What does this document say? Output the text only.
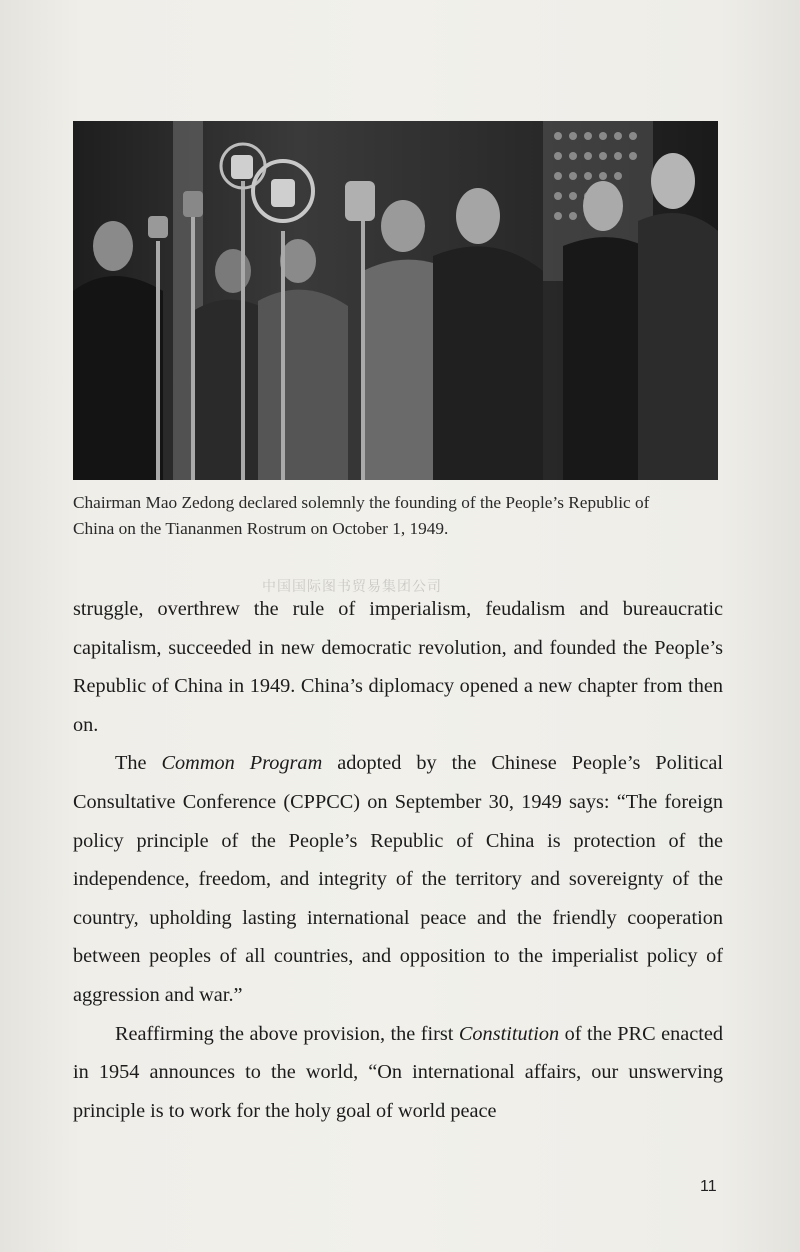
Chairman Mao Zedong declared solemnly the founding of the People’s Republic of
China on the Tiananmen Rostrum on October 1, 1949.
中国国际图书贸易集团公司

struggle, overthrew the rule of imperialism, feudalism and bureaucratic capitalism, succeeded in new democratic revolution, and founded the People’s Republic of China in 1949. China’s diplomacy opened a new chapter from then on.

The Common Program adopted by the Chinese People’s Political Consultative Conference (CPPCC) on September 30, 1949 says: “The foreign policy principle of the People’s Republic of China is protection of the independence, freedom, and integrity of the territory and sovereignty of the country, upholding lasting international peace and the friendly cooperation between peoples of all countries, and opposition to the imperialist policy of aggression and war.”

Reaffirming the above provision, the first Constitution of the PRC enacted in 1954 announces to the world, “On international affairs, our unswerving principle is to work for the holy goal of world peace

11
